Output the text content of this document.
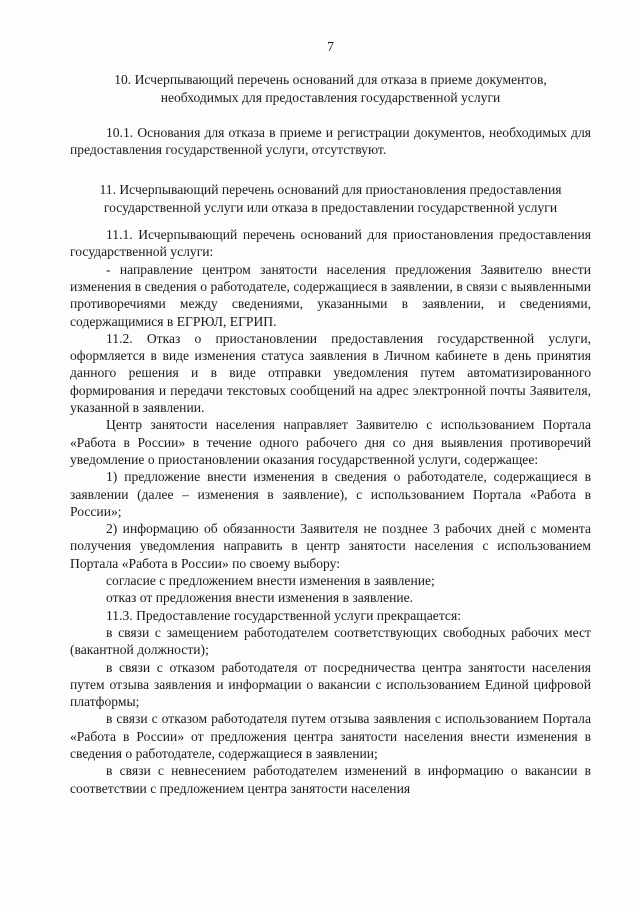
7
10. Исчерпывающий перечень оснований для отказа в приеме документов,
необходимых для предоставления государственной услуги

10.1. Основания для отказа в приеме и регистрации документов, необходимых для предоставления государственной услуги, отсутствуют.

11. Исчерпывающий перечень оснований для приостановления предоставления
государственной услуги или отказа в предоставлении государственной услуги

11.1. Исчерпывающий перечень оснований для приостановления предоставления государственной услуги:

- направление центром занятости населения предложения Заявителю внести изменения в сведения о работодателе, содержащиеся в заявлении, в связи с выявленными противоречиями между сведениями, указанными в заявлении, и сведениями, содержащимися в ЕГРЮЛ, ЕГРИП.

11.2. Отказ о приостановлении предоставления государственной услуги, оформляется в виде изменения статуса заявления в Личном кабинете в день принятия данного решения и в виде отправки уведомления путем автоматизированного формирования и передачи текстовых сообщений на адрес электронной почты Заявителя, указанной в заявлении.

Центр занятости населения направляет Заявителю с использованием Портала «Работа в России» в течение одного рабочего дня со дня выявления противоречий уведомление о приостановлении оказания государственной услуги, содержащее:

1) предложение внести изменения в сведения о работодателе, содержащиеся в заявлении (далее – изменения в заявление), с использованием Портала «Работа в России»;

2) информацию об обязанности Заявителя не позднее 3 рабочих дней с момента получения уведомления направить в центр занятости населения с использованием Портала «Работа в России» по своему выбору:

согласие с предложением внести изменения в заявление;

отказ от предложения внести изменения в заявление.

11.3. Предоставление государственной услуги прекращается:

в связи с замещением работодателем соответствующих свободных рабочих мест (вакантной должности);

в связи с отказом работодателя от посредничества центра занятости населения путем отзыва заявления и информации о вакансии с использованием Единой цифровой платформы;

в связи с отказом работодателя путем отзыва заявления с использованием Портала «Работа в России» от предложения центра занятости населения внести изменения в сведения о работодателе, содержащиеся в заявлении;

в связи с невнесением работодателем изменений в информацию о вакансии в соответствии с предложением центра занятости населения
